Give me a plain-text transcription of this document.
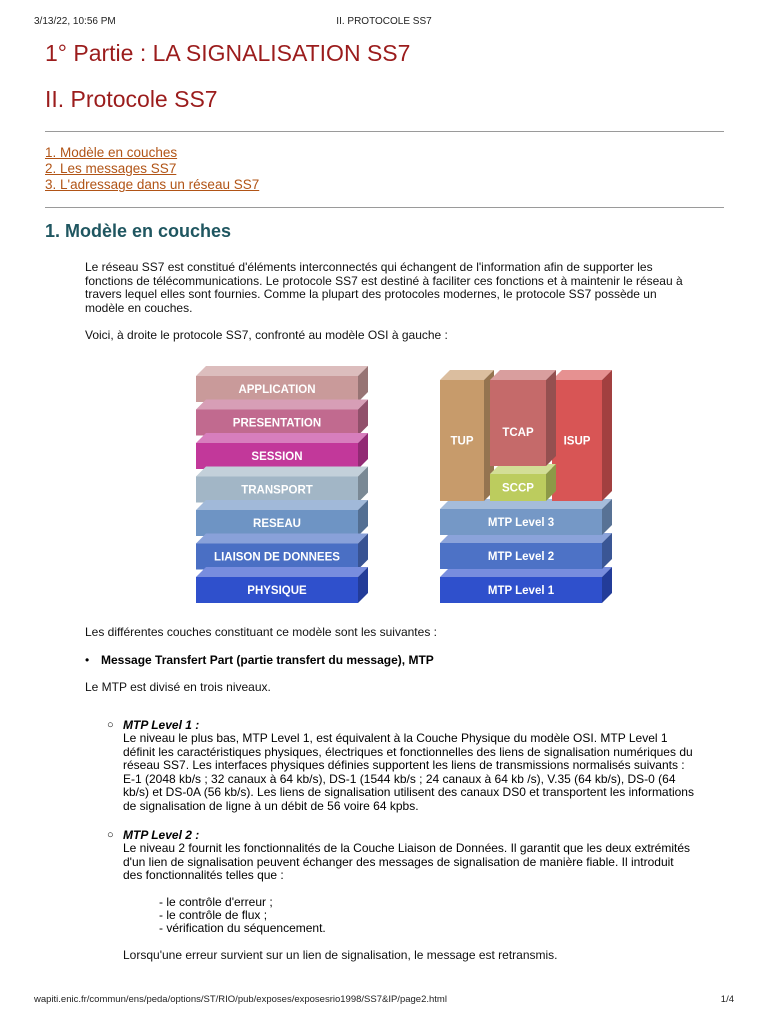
3/13/22, 10:56 PM	II. PROTOCOLE SS7
1° Partie : LA SIGNALISATION SS7
II. Protocole SS7
1. Modèle en couches
2. Les messages SS7
3. L'adressage dans un réseau SS7
1. Modèle en couches
Le réseau SS7 est constitué d'éléments interconnectés qui échangent de l'information afin de supporter les
fonctions de télécommunications. Le protocole SS7 est destiné à faciliter ces fonctions et à maintenir le réseau à
travers lequel elles sont fournies. Comme la plupart des protocoles modernes, le protocole SS7 possède un
modèle en couches.
Voici, à droite le protocole SS7, confronté au modèle OSI à gauche :
APPLICATION
PRESENTATION
SESSION
TRANSPORT
RESEAU
LIAISON DE DONNEES
PHYSIQUE	MTP Level 1
MTP Level 2
MTP Level 3
TUP	ISUP
SCCP
TCAP
Les différentes couches constituant ce modèle sont les suivantes :
• Message Transfert Part (partie transfert du message), MTP
Le MTP est divisé en trois niveaux.
○ MTP Level 1 :
Le niveau le plus bas, MTP Level 1, est équivalent à la Couche Physique du modèle OSI. MTP Level 1
définit les caractéristiques physiques, électriques et fonctionnelles des liens de signalisation numériques du
réseau SS7. Les interfaces physiques définies supportent les liens de transmissions normalisés suivants :
E-1 (2048 kb/s ; 32 canaux à 64 kb/s), DS-1 (1544 kb/s ; 24 canaux à 64 kb /s), V.35 (64 kb/s), DS-0 (64
kb/s) et DS-0A (56 kb/s). Les liens de signalisation utilisent des canaux DS0 et transportent les informations
de signalisation de ligne à un débit de 56 voire 64 kpbs.
○ MTP Level 2 :
Le niveau 2 fournit les fonctionnalités de la Couche Liaison de Données. Il garantit que les deux extrémités
d'un lien de signalisation peuvent échanger des messages de signalisation de manière fiable. Il introduit
des fonctionnalités telles que :
- le contrôle d'erreur ;
- le contrôle de flux ;
- vérification du séquencement.
Lorsqu'une erreur survient sur un lien de signalisation, le message est retransmis.
wapiti.enic.fr/commun/ens/peda/options/ST/RIO/pub/exposes/exposesrio1998/SS7&IP/page2.html	1/4
